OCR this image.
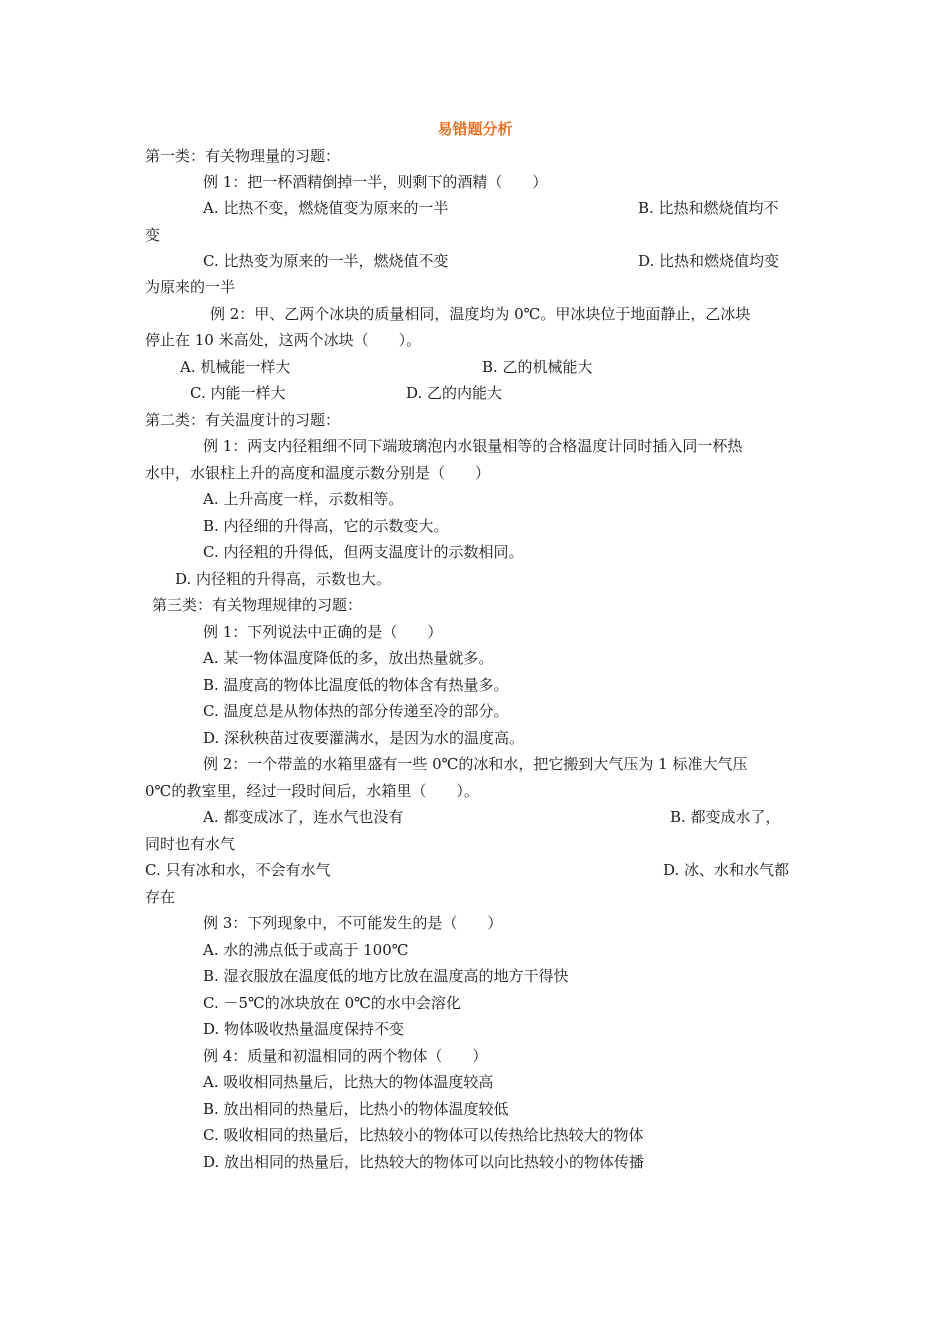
易错题分析
第一类：有关物理量的习题：
例 1：把一杯酒精倒掉一半，则剩下的酒精（　　）
A. 比热不变，燃烧值变为原来的一半	B. 比热和燃烧值均不
变
C. 比热变为原来的一半，燃烧值不变	D. 比热和燃烧值均变
为原来的一半
例 2：甲、乙两个冰块的质量相同，温度均为 0℃。甲冰块位于地面静止，乙冰块
停止在 10 米高处，这两个冰块（　　）。
A. 机械能一样大	B. 乙的机械能大
C. 内能一样大	D. 乙的内能大
第二类：有关温度计的习题：
例 1：两支内径粗细不同下端玻璃泡内水银量相等的合格温度计同时插入同一杯热
水中，水银柱上升的高度和温度示数分别是（　　）
A. 上升高度一样，示数相等。
B. 内径细的升得高，它的示数变大。
C. 内径粗的升得低，但两支温度计的示数相同。
D. 内径粗的升得高，示数也大。
第三类：有关物理规律的习题：
例 1：下列说法中正确的是（　　）
A. 某一物体温度降低的多，放出热量就多。
B. 温度高的物体比温度低的物体含有热量多。
C. 温度总是从物体热的部分传递至冷的部分。
D. 深秋秧苗过夜要灌满水，是因为水的温度高。
例 2：一个带盖的水箱里盛有一些 0℃的冰和水，把它搬到大气压为 1 标准大气压
0℃的教室里，经过一段时间后，水箱里（　　）。
A. 都变成冰了，连水气也没有	B. 都变成水了，
同时也有水气
C. 只有冰和水，不会有水气	D. 冰、水和水气都
存在
例 3：下列现象中，不可能发生的是（　　）
A. 水的沸点低于或高于 100℃
B. 湿衣服放在温度低的地方比放在温度高的地方干得快
C. －5℃的冰块放在 0℃的水中会溶化
D. 物体吸收热量温度保持不变
例 4：质量和初温相同的两个物体（　　）
A. 吸收相同热量后，比热大的物体温度较高
B. 放出相同的热量后，比热小的物体温度较低
C. 吸收相同的热量后，比热较小的物体可以传热给比热较大的物体
D. 放出相同的热量后，比热较大的物体可以向比热较小的物体传播
